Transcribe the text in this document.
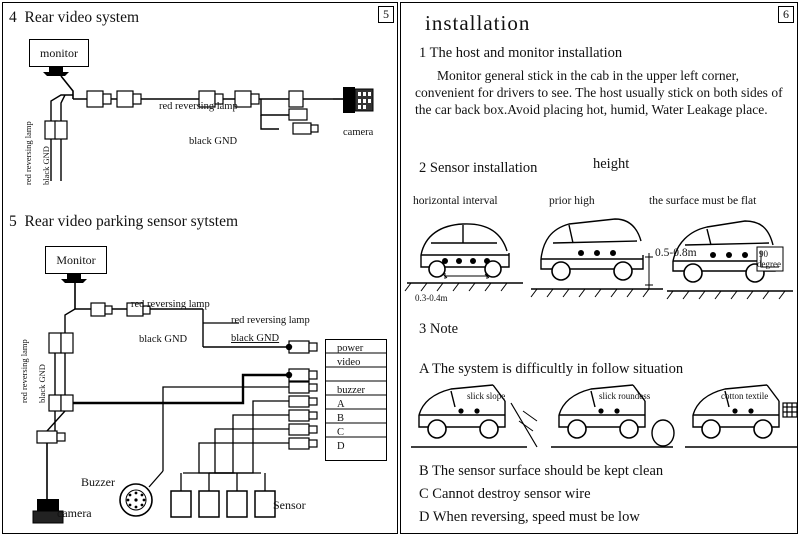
5
4 Rear video system
monitor
red reversing lamp
black GND
camera
red reversing lamp black GND
5 Rear video parking sensor sytstem
Monitor
red reversing lamp
black GND
red reversing lamp
black GND
red reversing lamp black GND
power
video
buzzer
A
B
C
D
Buzzer
Sensor
camera
6
installation
1 The host and monitor installation
Monitor general stick in the cab in the upper left corner, convenient for drivers to see. The host usually stick on both sides of the car back box.Avoid placing hot, humid, Water Leakage place.
2 Sensor installation	height
horizontal interval	prior high	the surface must be flat
0.3-0.4m
0.5-0.8m	90
degree
3 Note
A The system is difficultly in follow situation
slick slope	slick roundess	cotton textile
B The sensor surface should be kept clean
C Cannot destroy sensor wire
D When reversing, speed must be low
